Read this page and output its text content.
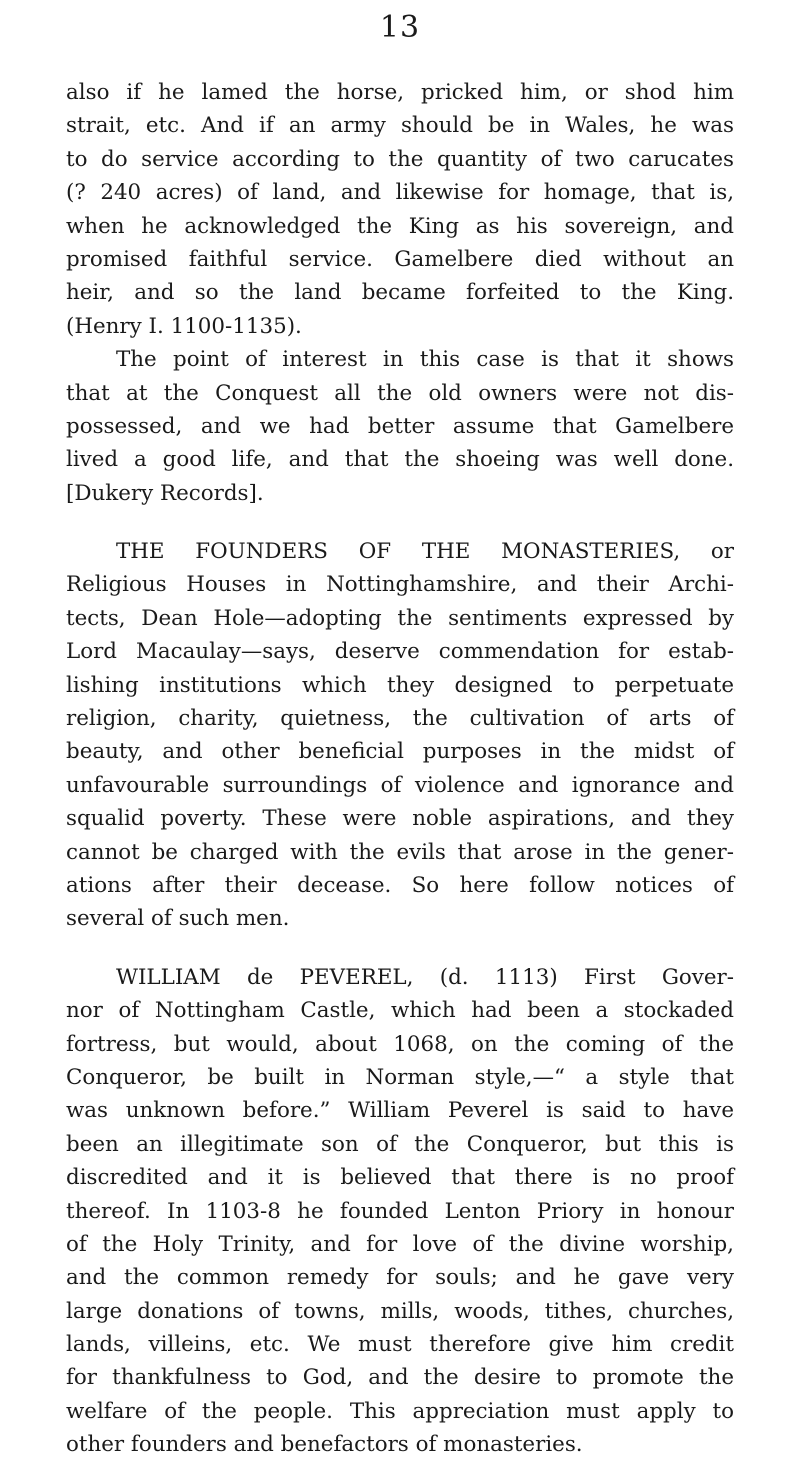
13
also if he lamed the horse, pricked him, or shod him
strait, etc. And if an army should be in Wales, he was
to do service according to the quantity of two carucates
(? 240 acres) of land, and likewise for homage, that is,
when he acknowledged the King as his sovereign, and
promised faithful service. Gamelbere died without an
heir, and so the land became forfeited to the King.
(Henry I. 1100-1135).
The point of interest in this case is that it shows
that at the Conquest all the old owners were not dis-
possessed, and we had better assume that Gamelbere
lived a good life, and that the shoeing was well done.
[Dukery Records].
THE FOUNDERS OF THE MONASTERIES, or
Religious Houses in Nottinghamshire, and their Archi-
tects, Dean Hole—adopting the sentiments expressed by
Lord Macaulay—says, deserve commendation for estab-
lishing institutions which they designed to perpetuate
religion, charity, quietness, the cultivation of arts of
beauty, and other beneficial purposes in the midst of
unfavourable surroundings of violence and ignorance and
squalid poverty. These were noble aspirations, and they
cannot be charged with the evils that arose in the gener-
ations after their decease. So here follow notices of
several of such men.
WILLIAM de PEVEREL, (d. 1113) First Gover-
nor of Nottingham Castle, which had been a stockaded
fortress, but would, about 1068, on the coming of the
Conqueror, be built in Norman style,—“ a style that
was unknown before.” William Peverel is said to have
been an illegitimate son of the Conqueror, but this is
discredited and it is believed that there is no proof
thereof. In 1103-8 he founded Lenton Priory in honour
of the Holy Trinity, and for love of the divine worship,
and the common remedy for souls; and he gave very
large donations of towns, mills, woods, tithes, churches,
lands, villeins, etc. We must therefore give him credit
for thankfulness to God, and the desire to promote the
welfare of the people. This appreciation must apply to
other founders and benefactors of monasteries.
